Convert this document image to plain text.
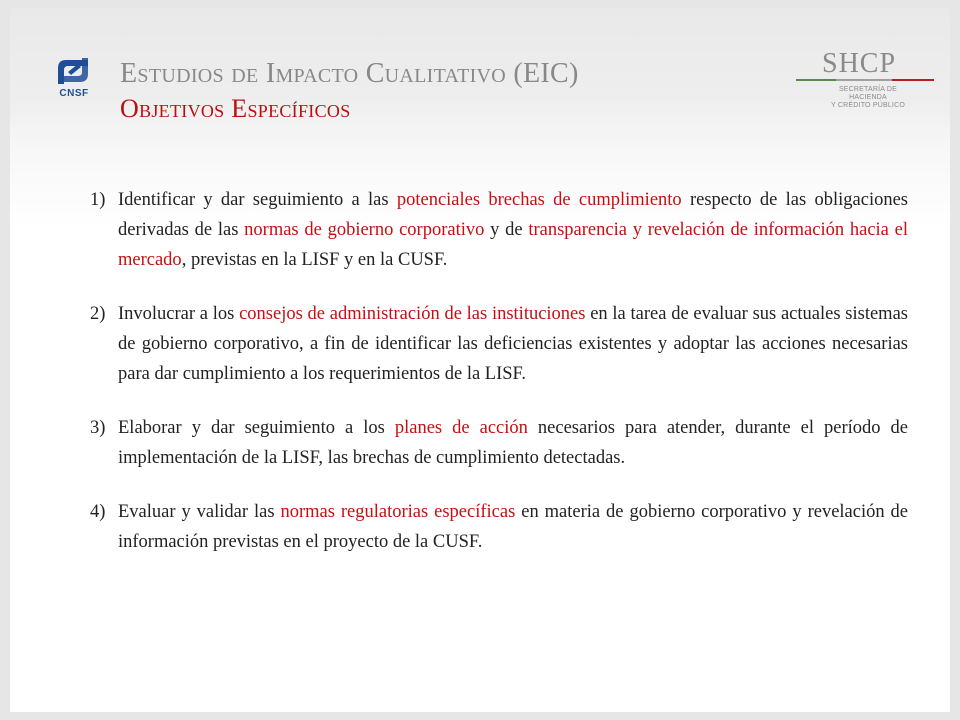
CNSF
Estudios de Impacto Cualitativo (EIC)
Objetivos Específicos
SHCP
SECRETARÍA DE HACIENDA
Y CRÉDITO PÚBLICO
1) Identificar y dar seguimiento a las potenciales brechas de cumplimiento respecto de las obligaciones derivadas de las normas de gobierno corporativo y de transparencia y revelación de información hacia el mercado, previstas en la LISF y en la CUSF.
2) Involucrar a los consejos de administración de las instituciones en la tarea de evaluar sus actuales sistemas de gobierno corporativo, a fin de identificar las deficiencias existentes y adoptar las acciones necesarias para dar cumplimiento a los requerimientos de la LISF.
3) Elaborar y dar seguimiento a los planes de acción necesarios para atender, durante el período de implementación de la LISF, las brechas de cumplimiento detectadas.
4) Evaluar y validar las normas regulatorias específicas en materia de gobierno corporativo y revelación de información previstas en el proyecto de la CUSF.
